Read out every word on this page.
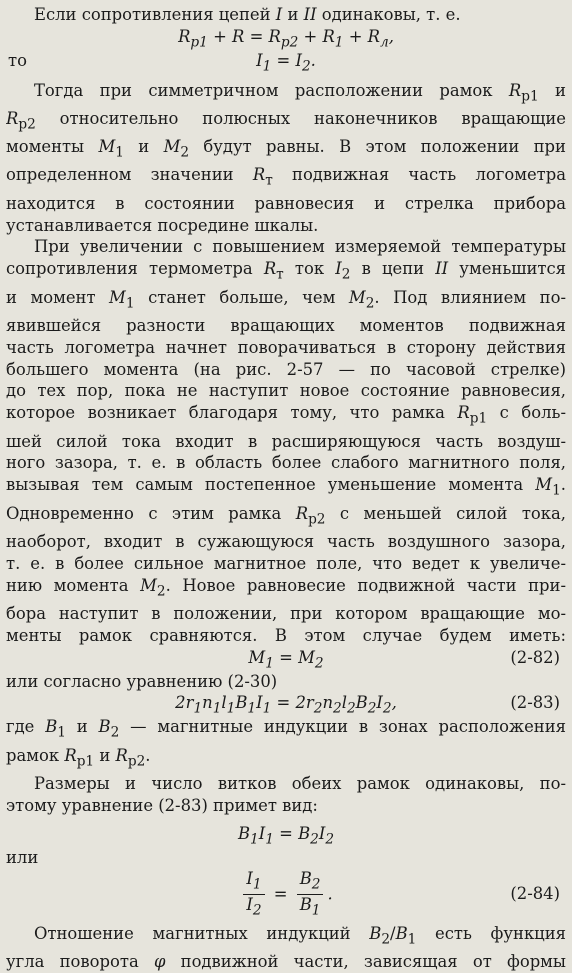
Если сопротивления цепей I и II одинаковы, т. е.
$R_{p1} + R = R_{p2} + R_1 + R_л$,
то	$I_1 = I_2$.
Тогда при симметричном расположении рамок $R_{p1}$ и
$R_{p2}$ относительно полюсных наконечников вращающие
моменты $M_1$ и $M_2$ будут равны. В этом положении при
определенном значении $R_т$ подвижная часть логометра
находится в состоянии равновесия и стрелка прибора
устанавливается посредине шкалы.
При увеличении с повышением измеряемой температуры
сопротивления термометра $R_т$ ток $I_2$ в цепи II уменьшится
и момент $M_1$ станет больше, чем $M_2$. Под влиянием по-
явившейся разности вращающих моментов подвижная
часть логометра начнет поворачиваться в сторону действия
большего момента (на рис. 2-57 — по часовой стрелке)
до тех пор, пока не наступит новое состояние равновесия,
которое возникает благодаря тому, что рамка $R_{p1}$ с боль-
шей силой тока входит в расширяющуюся часть воздуш-
ного зазора, т. е. в область более слабого магнитного поля,
вызывая тем самым постепенное уменьшение момента $M_1$.
Одновременно с этим рамка $R_{p2}$ с меньшей силой тока,
наоборот, входит в сужающуюся часть воздушного зазора,
т. е. в более сильное магнитное поле, что ведет к увеличе-
нию момента $M_2$. Новое равновесие подвижной части при-
бора наступит в положении, при котором вращающие мо-
менты рамок сравняются. В этом случае будем иметь:
$M_1 = M_2$	(2-82)
или согласно уравнению (2-30)
$2r_1n_1l_1B_1I_1 = 2r_2n_2l_2B_2I_2$,	(2-83)
где $B_1$ и $B_2$ — магнитные индукции в зонах расположения
рамок $R_{p1}$ и $R_{p2}$.
Размеры и число витков обеих рамок одинаковы, по-
этому уравнение (2-83) примет вид:
$B_1I_1 = B_2I_2$
или
$\frac{I_1}{I_2} = \frac{B_2}{B_1}$ .	(2-84)
Отношение магнитных индукций $B_2/B_1$ есть функция
угла поворота φ подвижной части, зависящая от формы
